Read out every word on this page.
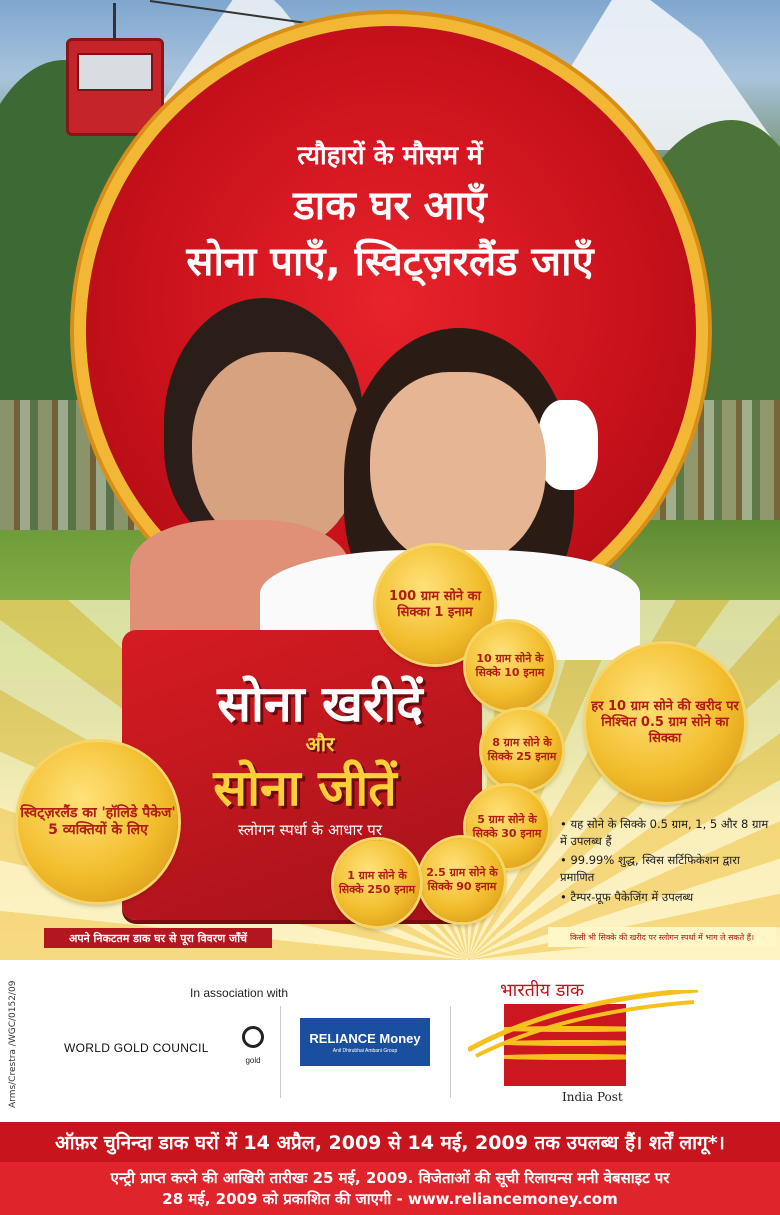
त्यौहारों के मौसम में
डाक घर आएँ
सोना पाएँ, स्विट्ज़रलैंड जाएँ
सोना खरीदें
और
सोना जीतें
स्लोगन स्पर्धा के आधार पर
100 ग्राम सोने का सिक्का 1 इनाम
10 ग्राम सोने के सिक्के 10 इनाम
8 ग्राम सोने के सिक्के 25 इनाम
5 ग्राम सोने के सिक्के 30 इनाम
2.5 ग्राम सोने के सिक्के 90 इनाम
1 ग्राम सोने के सिक्के 250 इनाम
हर 10 ग्राम सोने की खरीद पर निश्चित 0.5 ग्राम सोने का सिक्का
स्विट्ज़रलैंड का 'हॉलिडे पैकेज' 5 व्यक्तियों के लिए	• यह सोने के सिक्के 0.5 ग्राम, 1, 5 और 8 ग्राम में उपलब्ध हैं
• 99.99% शुद्ध, स्विस सर्टिफिकेशन द्वारा प्रमाणित
• टैम्पर-प्रूफ पैकेजिंग में उपलब्ध
अपने निकटतम डाक घर से पूरा विवरण जाँचें	किसी भी सिक्के की खरीद पर स्लोगन स्पर्धा में भाग ले सकते हैं।
Arms/Crestra /WGC/0152/09	In association with
WORLD GOLD COUNCIL
gold
RELIANCE Money
Anil Dhirubhai Ambani Group
भारतीय डाक
India Post
ऑफ़र चुनिन्दा डाक घरों में 14 अप्रैल, 2009 से 14 मई, 2009 तक उपलब्ध हैं। शर्तें लागू*।
एन्ट्री प्राप्त करने की आखिरी तारीखः 25 मई, 2009. विजेताओं की सूची रिलायन्स मनी वेबसाइट पर
28 मई, 2009 को प्रकाशित की जाएगी - www.reliancemoney.com
